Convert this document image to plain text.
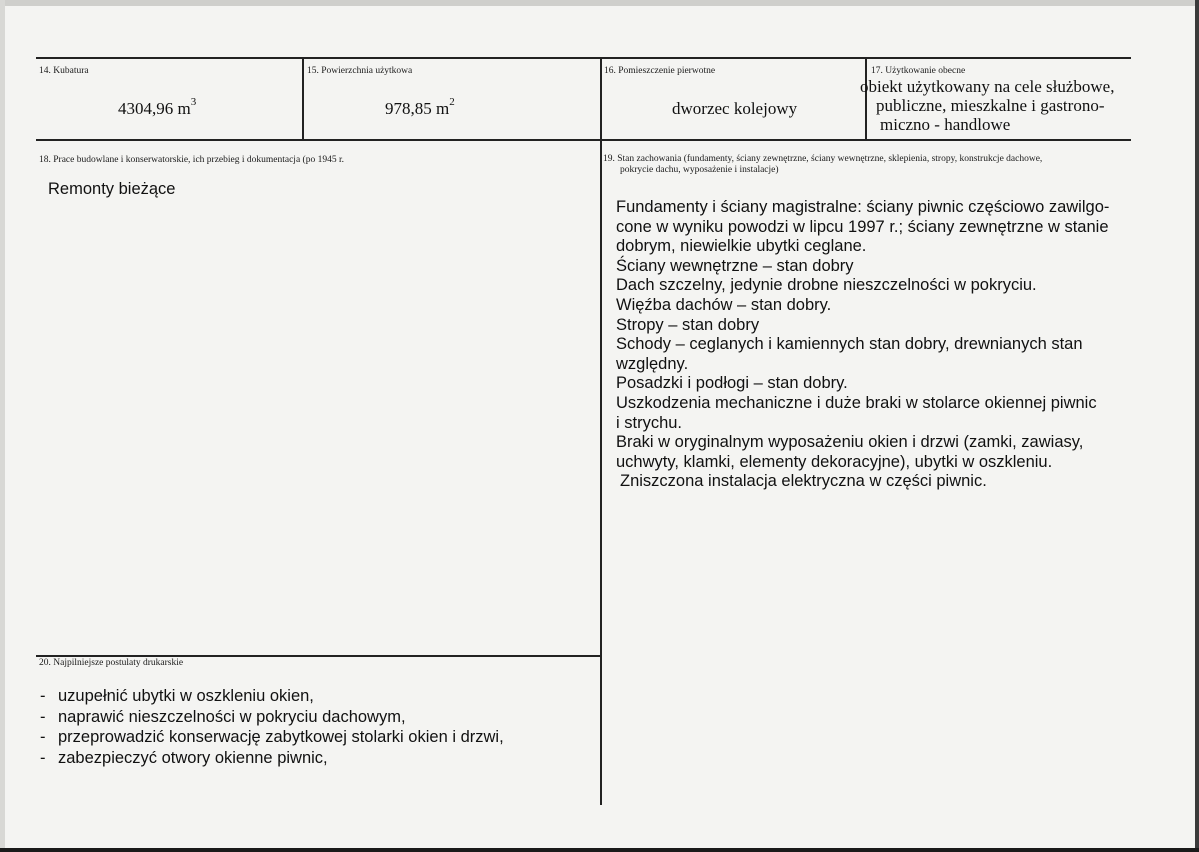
14. Kubatura
4304,96 $m^3$
15. Powierzchnia użytkowa
978,85 $m^2$
16. Pomieszczenie pierwotne
dworzec kolejowy
17. Użytkowanie obecne
obiekt użytkowany na cele służbowe,
publiczne, mieszkalne i gastrono-
miczno - handlowe
18. Prace budowlane i konserwatorskie, ich przebieg i dokumentacja (po 1945 r.
Remonty bieżące
19. Stan zachowania (fundamenty, ściany zewnętrzne, ściany wewnętrzne, sklepienia, stropy, konstrukcje dachowe,
pokrycie dachu, wyposażenie i instalacje)
Fundamenty i ściany magistralne: ściany piwnic częściowo zawilgo-
cone w wyniku powodzi w lipcu 1997 r.; ściany zewnętrzne w stanie
dobrym, niewielkie ubytki ceglane.
Ściany wewnętrzne – stan dobry
Dach szczelny, jedynie drobne nieszczelności w pokryciu.
Więźba dachów – stan dobry.
Stropy – stan dobry
Schody – ceglanych i kamiennych stan dobry, drewnianych stan
względny.
Posadzki i podłogi – stan dobry.
Uszkodzenia mechaniczne i duże braki w stolarce okiennej piwnic
i strychu.
Braki w oryginalnym wyposażeniu okien i drzwi (zamki, zawiasy,
uchwyty, klamki, elementy dekoracyjne), ubytki w oszkleniu.
Zniszczona instalacja elektryczna w części piwnic.
20. Najpilniejsze postulaty drukarskie
- uzupełnić ubytki w oszkleniu okien,
- naprawić nieszczelności w pokryciu dachowym,
- przeprowadzić konserwację zabytkowej stolarki okien i drzwi,
- zabezpieczyć otwory okienne piwnic,
